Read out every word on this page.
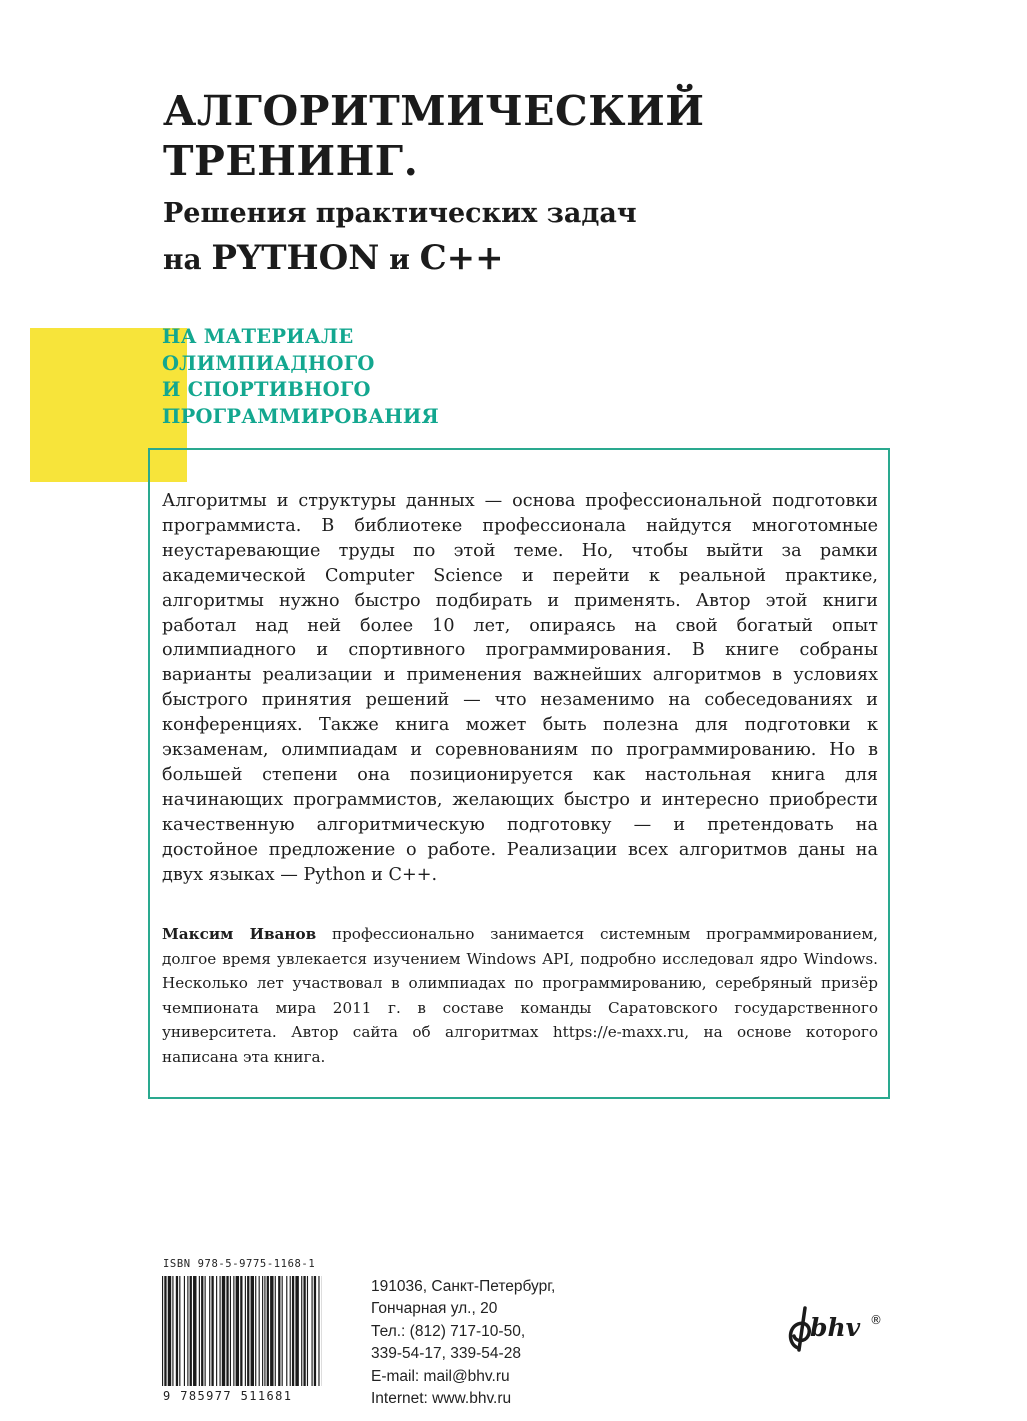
АЛГОРИТМИЧЕСКИЙ
ТРЕНИНГ.
Решения практических задач
на PYTHON и C++
НА МАТЕРИАЛЕ
ОЛИМПИАДНОГО
И СПОРТИВНОГО
ПРОГРАММИРОВАНИЯ

Алгоритмы и структуры данных — основа профессиональной подготовки программиста. В библиотеке профессионала найдутся многотомные неустаревающие труды по этой теме. Но, чтобы выйти за рамки академической Computer Science и перейти к реальной практике, алгоритмы нужно быстро подбирать и применять. Автор этой книги работал над ней более 10 лет, опираясь на свой богатый опыт олимпиадного и спортивного программирования. В книге собраны варианты реализации и применения важнейших алгоритмов в условиях быстрого принятия решений — что незаменимо на собеседованиях и конференциях. Также книга может быть полезна для подготовки к экзаменам, олимпиадам и соревнованиям по программированию. Но в большей степени она позиционируется как настольная книга для начинающих программистов, желающих быстро и интересно приобрести качественную алгоритмическую подготовку — и претендовать на достойное предложение о работе. Реализации всех алгоритмов даны на двух языках — Python и C++.

Максим Иванов профессионально занимается системным программированием, долгое время увлекается изучением Windows API, подробно исследовал ядро Windows. Несколько лет участвовал в олимпиадах по программированию, серебряный призёр чемпионата мира 2011 г. в составе команды Саратовского государственного университета. Автор сайта об алгоритмах https://e-maxx.ru, на основе которого написана эта книга.

ISBN 978-5-9775-1168-1
9 785977 511681
191036, Санкт-Петербург,
Гончарная ул., 20
Тел.: (812) 717-10-50,
339-54-17, 339-54-28
E-mail: mail@bhv.ru
Internet: www.bhv.ru
bhv ®
